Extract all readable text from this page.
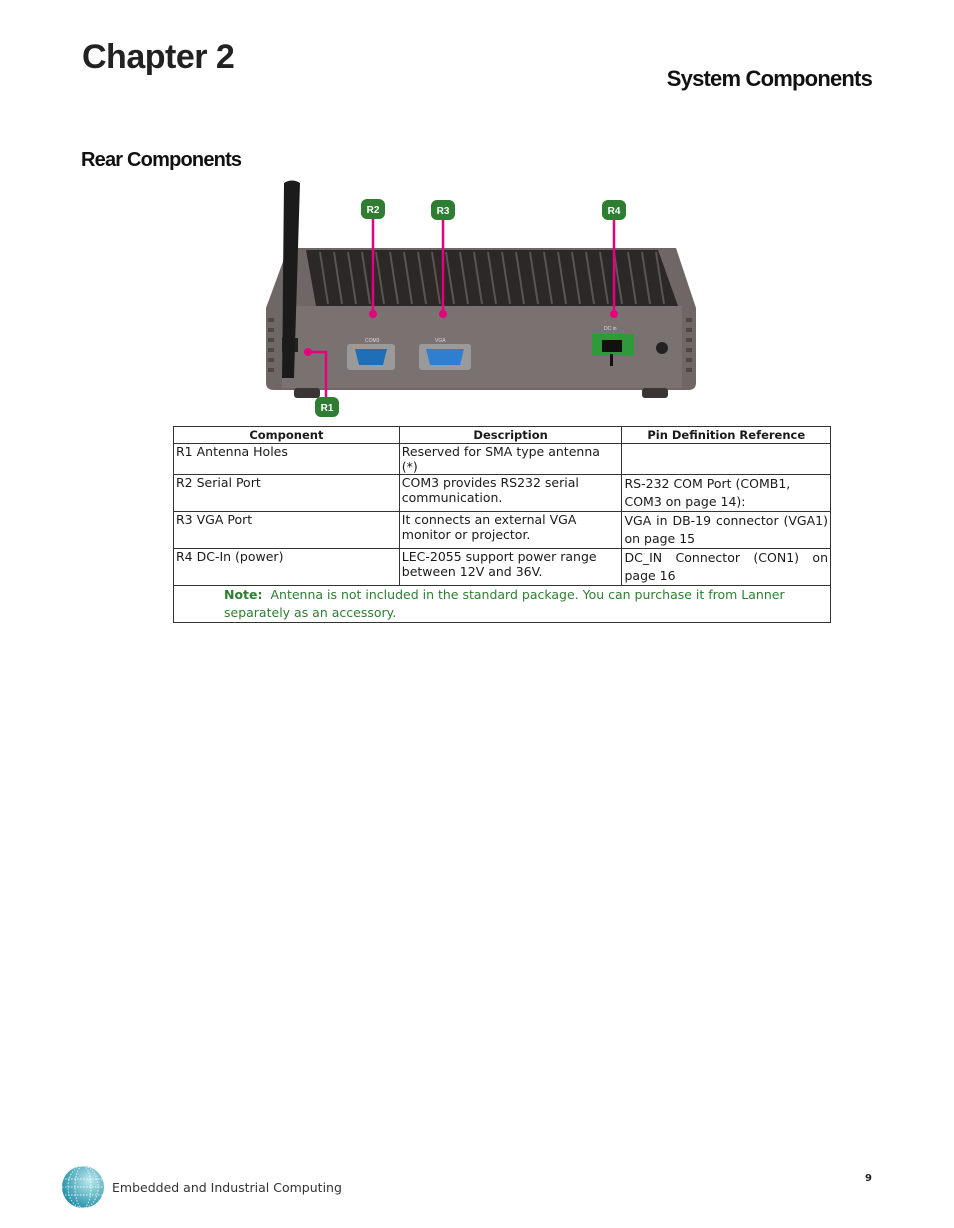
Chapter 2
System Components
Rear Components
COM3	VGA
DC in
R2	R3	R4
R1
Component	Description	Pin Definition Reference
R1 Antenna Holes	Reserved for SMA type antenna (*)	
R2 Serial Port	COM3 provides RS232 serial communication.	RS-232 COM Port (COMB1, COM3 on page 14):
R3 VGA Port	It connects an external VGA monitor or projector.	VGA in DB-19 connector (VGA1) on page 15
R4 DC-In (power)	LEC-2055 support power range between 12V and 36V.	DC_IN Connector (CON1) on page 16
Note: Antenna is not included in the standard package. You can purchase it from Lanner separately as an accessory.		
9
Embedded and Industrial Computing
